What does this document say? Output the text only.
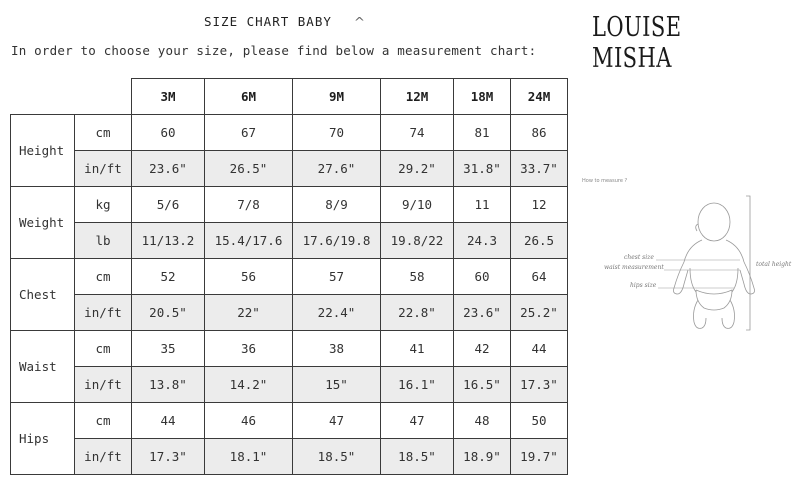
SIZE CHART BABY ^	LOUISE MISHA
In order to choose your size, please find below a measurement chart:
		3M	6M	9M	12M	18M	24M
Height	cm	60	67	70	74	81	86
	in/ft	23.6"	26.5"	27.6"	29.2"	31.8"	33.7"
Weight	kg	5/6	7/8	8/9	9/10	11	12
	lb	11/13.2	15.4/17.6	17.6/19.8	19.8/22	24.3	26.5
Chest	cm	52	56	57	58	60	64
	in/ft	20.5"	22"	22.4"	22.8"	23.6"	25.2"
Waist	cm	35	36	38	41	42	44
	in/ft	13.8"	14.2"	15"	16.1"	16.5"	17.3"
Hips	cm	44	46	47	47	48	50
	in/ft	17.3"	18.1"	18.5"	18.5"	18.9"	19.7"
How to measure ?
chest size
waist measurement
hips size
total height
